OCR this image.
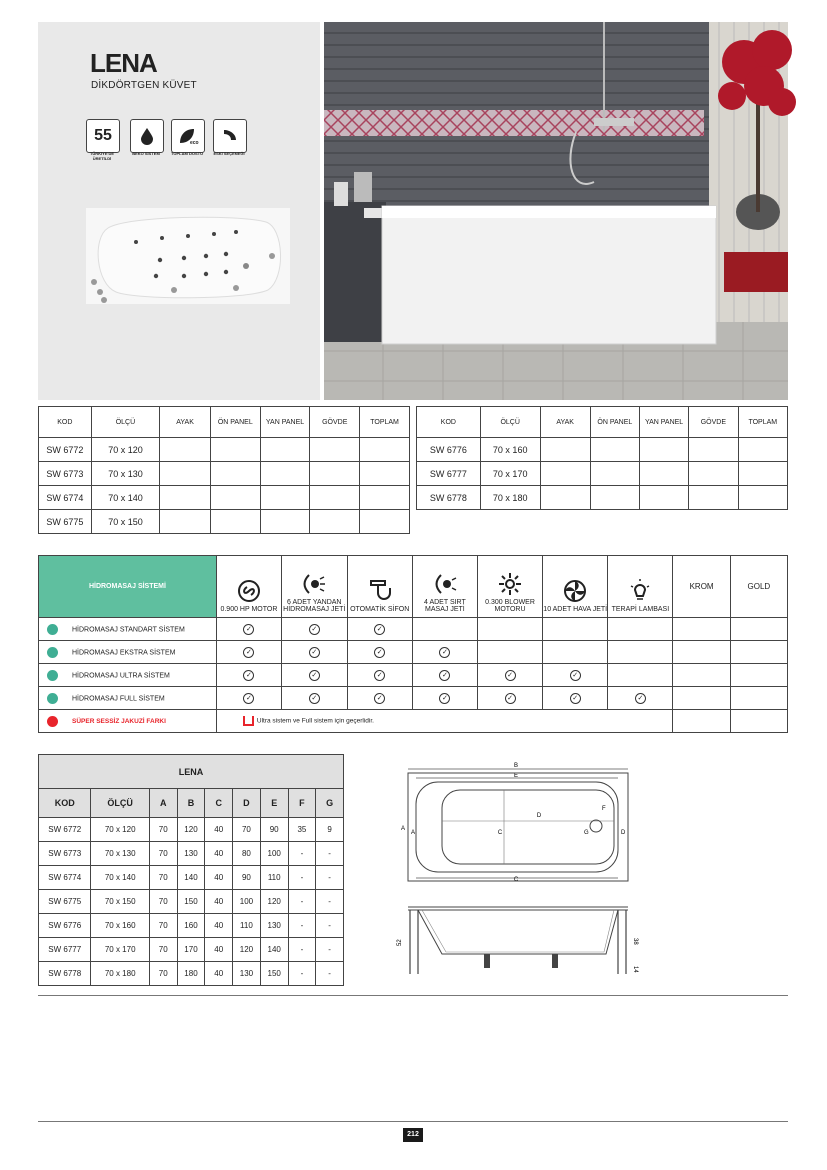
LENA
DİKDÖRTGEN KÜVET
55	eco
TÜRKİYE'DE ÜRETİLDİ
BEKO SİSTEM	TOPLAM DOSTU	ESKİ SEÇENEĞİ
KOD	ÖLÇÜ	AYAK	ÖN PANEL	YAN PANEL	GÖVDE	TOPLAM
SW 6772	70 x 120					
SW 6773	70 x 130					
SW 6774	70 x 140					
SW 6775	70 x 150					
KOD	ÖLÇÜ	AYAK	ÖN PANEL	YAN PANEL	GÖVDE	TOPLAM
SW 6776	70 x 160					
SW 6777	70 x 170					
SW 6778	70 x 180					
HİDROMASAJ SİSTEMİ	0.900 HP MOTOR	6 ADET YANDAN HİDROMASAJ JETİ	OTOMATİK SİFON	4 ADET SIRT MASAJ JETİ	0.300 BLOWER MOTORU	10 ADET HAVA JETİ	TERAPİ LAMBASI	KROM	GOLD
HİDROMASAJ STANDART SİSTEM	✓	✓	✓						
HİDROMASAJ EKSTRA SİSTEM	✓	✓	✓	✓					
HİDROMASAJ ULTRA SİSTEM	✓	✓	✓	✓	✓	✓			
HİDROMASAJ FULL SİSTEM	✓	✓	✓	✓	✓	✓	✓		
SÜPER SESSİZ JAKUZİ FARKI	Ultra sistem ve Full sistem için geçerlidir.								
LENA								
KOD	ÖLÇÜ	A	B	C	D	E	F	G
SW 6772	70 x 120	70	120	40	70	90	35	9
SW 6773	70 x 130	70	130	40	80	100	-	-
SW 6774	70 x 140	70	140	40	90	110	-	-
SW 6775	70 x 150	70	150	40	100	120	-	-
SW 6776	70 x 160	70	160	40	110	130	-	-
SW 6777	70 x 170	70	170	40	120	140	-	-
SW 6778	70 x 180	70	180	40	130	150	-	-
B
E
D
C
F
G
A
A	D
C
52	38
14
212
